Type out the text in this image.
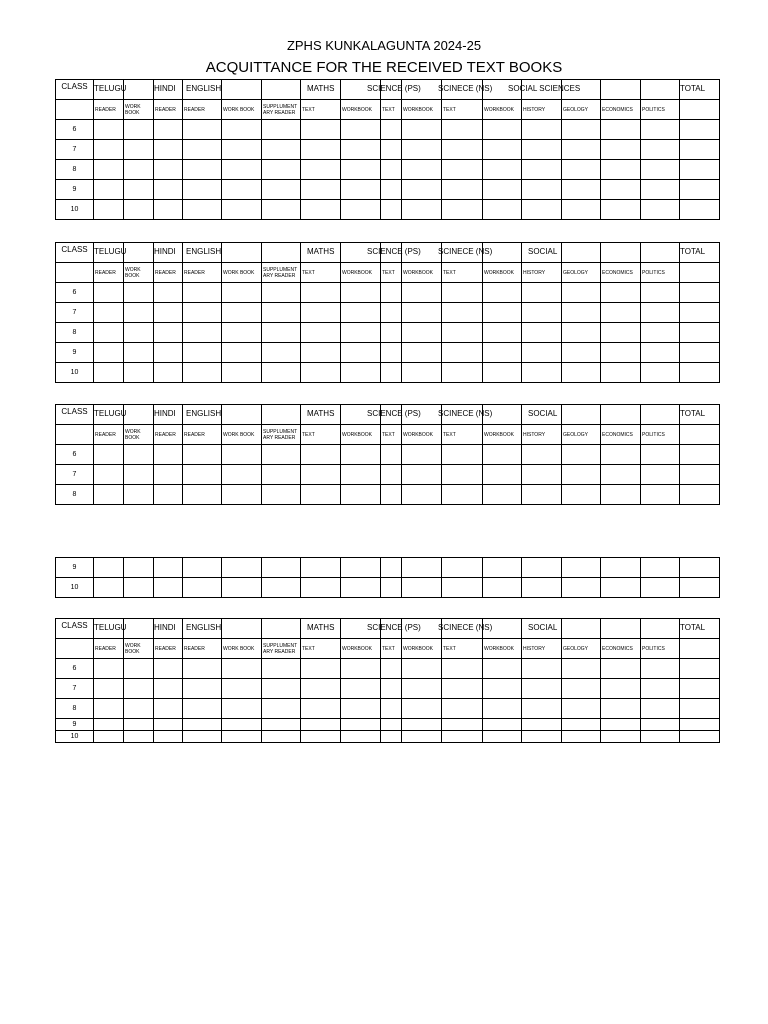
ZPHS KUNKALAGUNTA 2024-25
ACQUITTANCE FOR THE RECEIVED TEXT BOOKS
CLASS	TELUGU		HINDI	ENGLISH			MATHS	SCIENCE (PS)			SCINECE (NS)		SOCIAL SCIENCES				TOTAL

	READER	WORK BOOK	READER	READER	WORK BOOK	SUPPLUMENT ARY READER	TEXT	WORKBOOK	TEXT	WORKBOOK	TEXT	WORKBOOK	HISTORY	GEOLOGY	ECONOMICS	POLITICS	
6																	
7																	
8																	
9																	
10																	
CLASS	TELUGU		HINDI	ENGLISH			MATHS	SCIENCE (PS)			SCINECE (NS)		SOCIAL				TOTAL

	READER	WORK BOOK	READER	READER	WORK BOOK	SUPPLUMENT ARY READER	TEXT	WORKBOOK	TEXT	WORKBOOK	TEXT	WORKBOOK	HISTORY	GEOLOGY	ECONOMICS	POLITICS	
6																	
7																	
8																	
9																	
10																	
CLASS	TELUGU		HINDI	ENGLISH			MATHS	SCIENCE (PS)			SCINECE (NS)		SOCIAL				TOTAL

	READER	WORK BOOK	READER	READER	WORK BOOK	SUPPLUMENT ARY READER	TEXT	WORKBOOK	TEXT	WORKBOOK	TEXT	WORKBOOK	HISTORY	GEOLOGY	ECONOMICS	POLITICS	
6																	
7																	
8																	
9																	
10																	
CLASS	TELUGU		HINDI	ENGLISH			MATHS	SCIENCE (PS)			SCINECE (NS)		SOCIAL				TOTAL

	READER	WORK BOOK	READER	READER	WORK BOOK	SUPPLUMENT ARY READER	TEXT	WORKBOOK	TEXT	WORKBOOK	TEXT	WORKBOOK	HISTORY	GEOLOGY	ECONOMICS	POLITICS	
6																	
7																	
8																	
9																	
10																	
